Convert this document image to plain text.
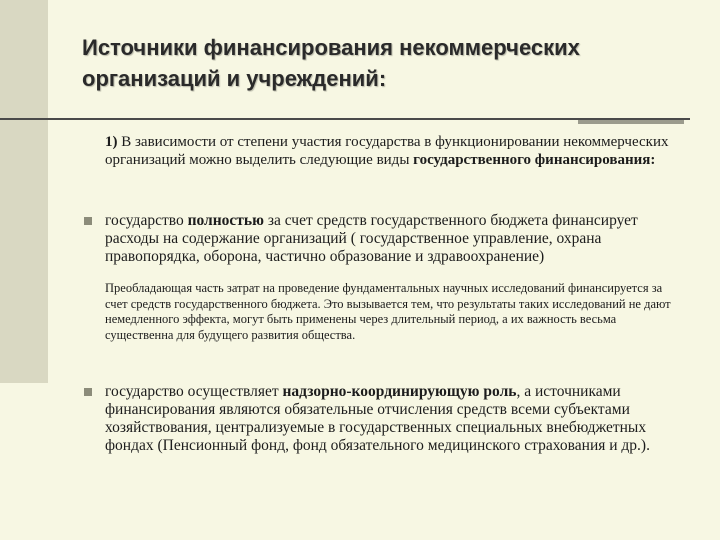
Источники финансирования некоммерческих организаций и учреждений:

1) В зависимости от степени участия государства в функционировании некоммерческих организаций можно выделить следующие виды государственного финансирования:

государство полностью за счет средств государственного бюджета финансирует расходы на содержание организаций ( государственное управление, охрана правопорядка, оборона, частично образование и здравоохранение)

Преобладающая часть затрат на проведение фундаментальных научных исследований финансируется за счет средств государственного бюджета. Это вызывается тем, что результаты таких исследований не дают немедленного эффекта, могут быть применены через длительный период, а их важность весьма существенна для будущего развития общества.

государство осуществляет надзорно-координирующую роль, а источниками финансирования являются обязательные отчисления средств всеми субъектами хозяйствования, централизуемые в государственных специальных внебюджетных фондах (Пенсионный фонд, фонд обязательного медицинского страхования и др.).
